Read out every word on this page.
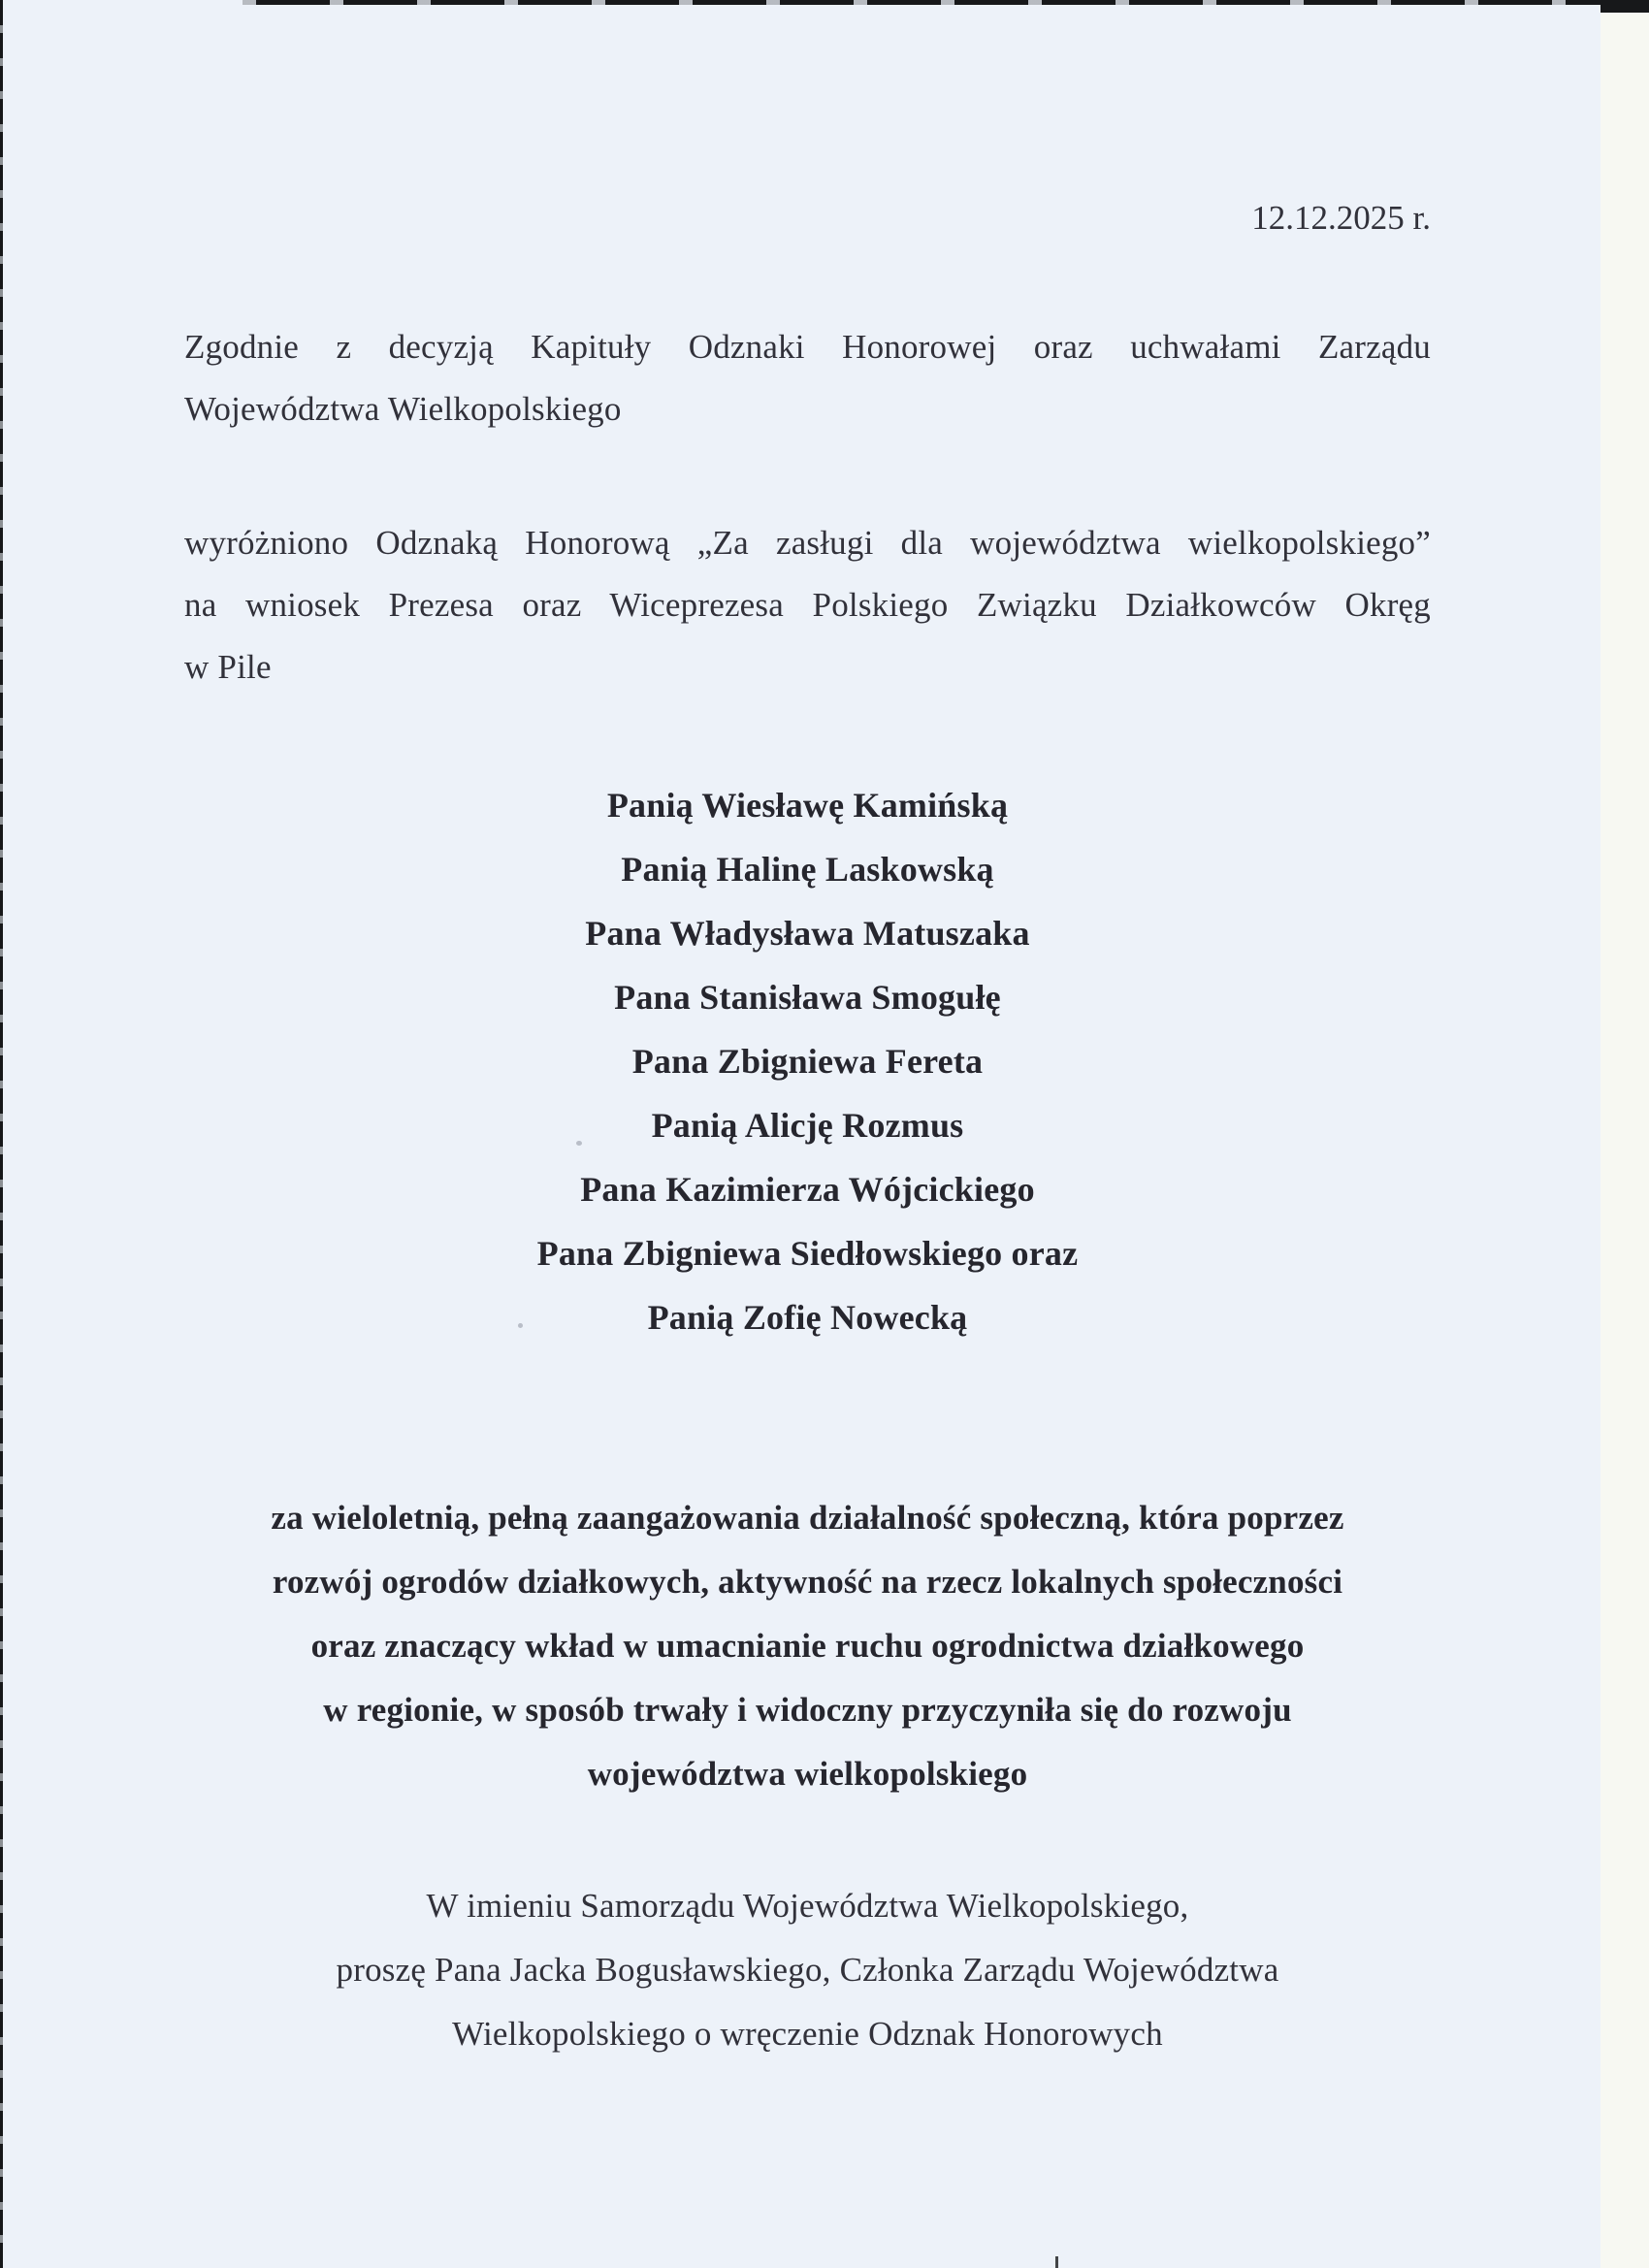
12.12.2025 r.
Zgodnie z decyzją Kapituły Odznaki Honorowej oraz uchwałami Zarządu
Województwa Wielkopolskiego
wyróżniono Odznaką Honorową „Za zasługi dla województwa wielkopolskiego”
na wniosek Prezesa oraz Wiceprezesa Polskiego Związku Działkowców Okręg
w Pile
Panią Wiesławę Kamińską
Panią Halinę Laskowską
Pana Władysława Matuszaka
Pana Stanisława Smogułę
Pana Zbigniewa Fereta
Panią Alicję Rozmus
Pana Kazimierza Wójcickiego
Pana Zbigniewa Siedłowskiego oraz
Panią Zofię Nowecką
za wieloletnią, pełną zaangażowania działalność społeczną, która poprzez
rozwój ogrodów działkowych, aktywność na rzecz lokalnych społeczności
oraz znaczący wkład w umacnianie ruchu ogrodnictwa działkowego
w regionie, w sposób trwały i widoczny przyczyniła się do rozwoju
województwa wielkopolskiego
W imieniu Samorządu Województwa Wielkopolskiego,
proszę Pana Jacka Bogusławskiego, Członka Zarządu Województwa
Wielkopolskiego o wręczenie Odznak Honorowych
